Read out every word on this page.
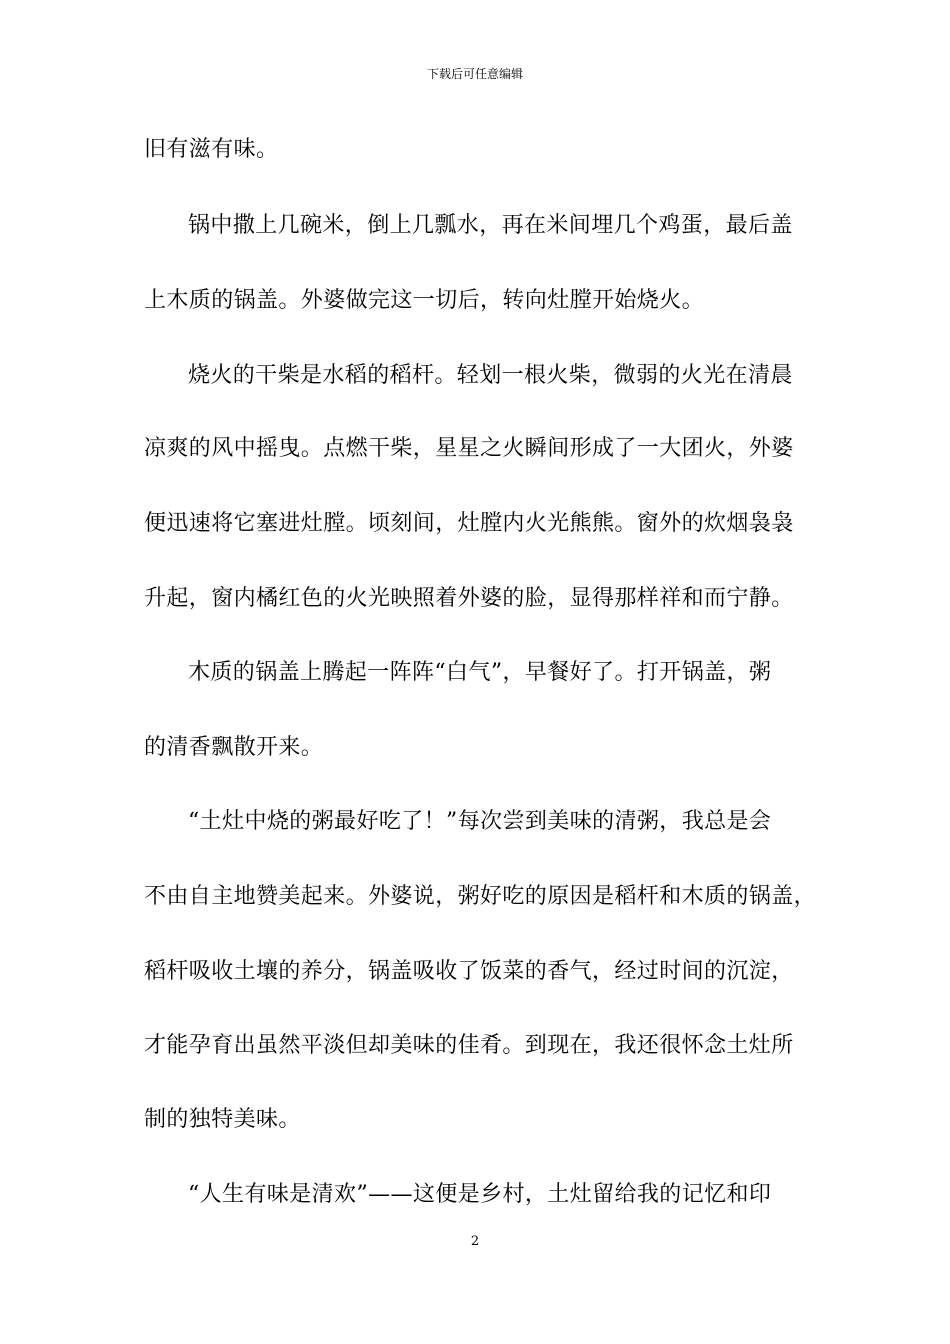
下载后可任意编辑
旧有滋有味。
锅中撒上几碗米，倒上几瓢水，再在米间埋几个鸡蛋，最后盖
上木质的锅盖。外婆做完这一切后，转向灶膛开始烧火。
烧火的干柴是水稻的稻杆。轻划一根火柴，微弱的火光在清晨
凉爽的风中摇曳。点燃干柴，星星之火瞬间形成了一大团火，外婆
便迅速将它塞进灶膛。顷刻间，灶膛内火光熊熊。窗外的炊烟袅袅
升起，窗内橘红色的火光映照着外婆的脸，显得那样祥和而宁静。
木质的锅盖上腾起一阵阵“白气”，早餐好了。打开锅盖，粥
的清香飘散开来。
“土灶中烧的粥最好吃了！”每次尝到美味的清粥，我总是会
不由自主地赞美起来。外婆说，粥好吃的原因是稻杆和木质的锅盖，
稻杆吸收土壤的养分，锅盖吸收了饭菜的香气，经过时间的沉淀，
才能孕育出虽然平淡但却美味的佳肴。到现在，我还很怀念土灶所
制的独特美味。
“人生有味是清欢”——这便是乡村，土灶留给我的记忆和印
2
